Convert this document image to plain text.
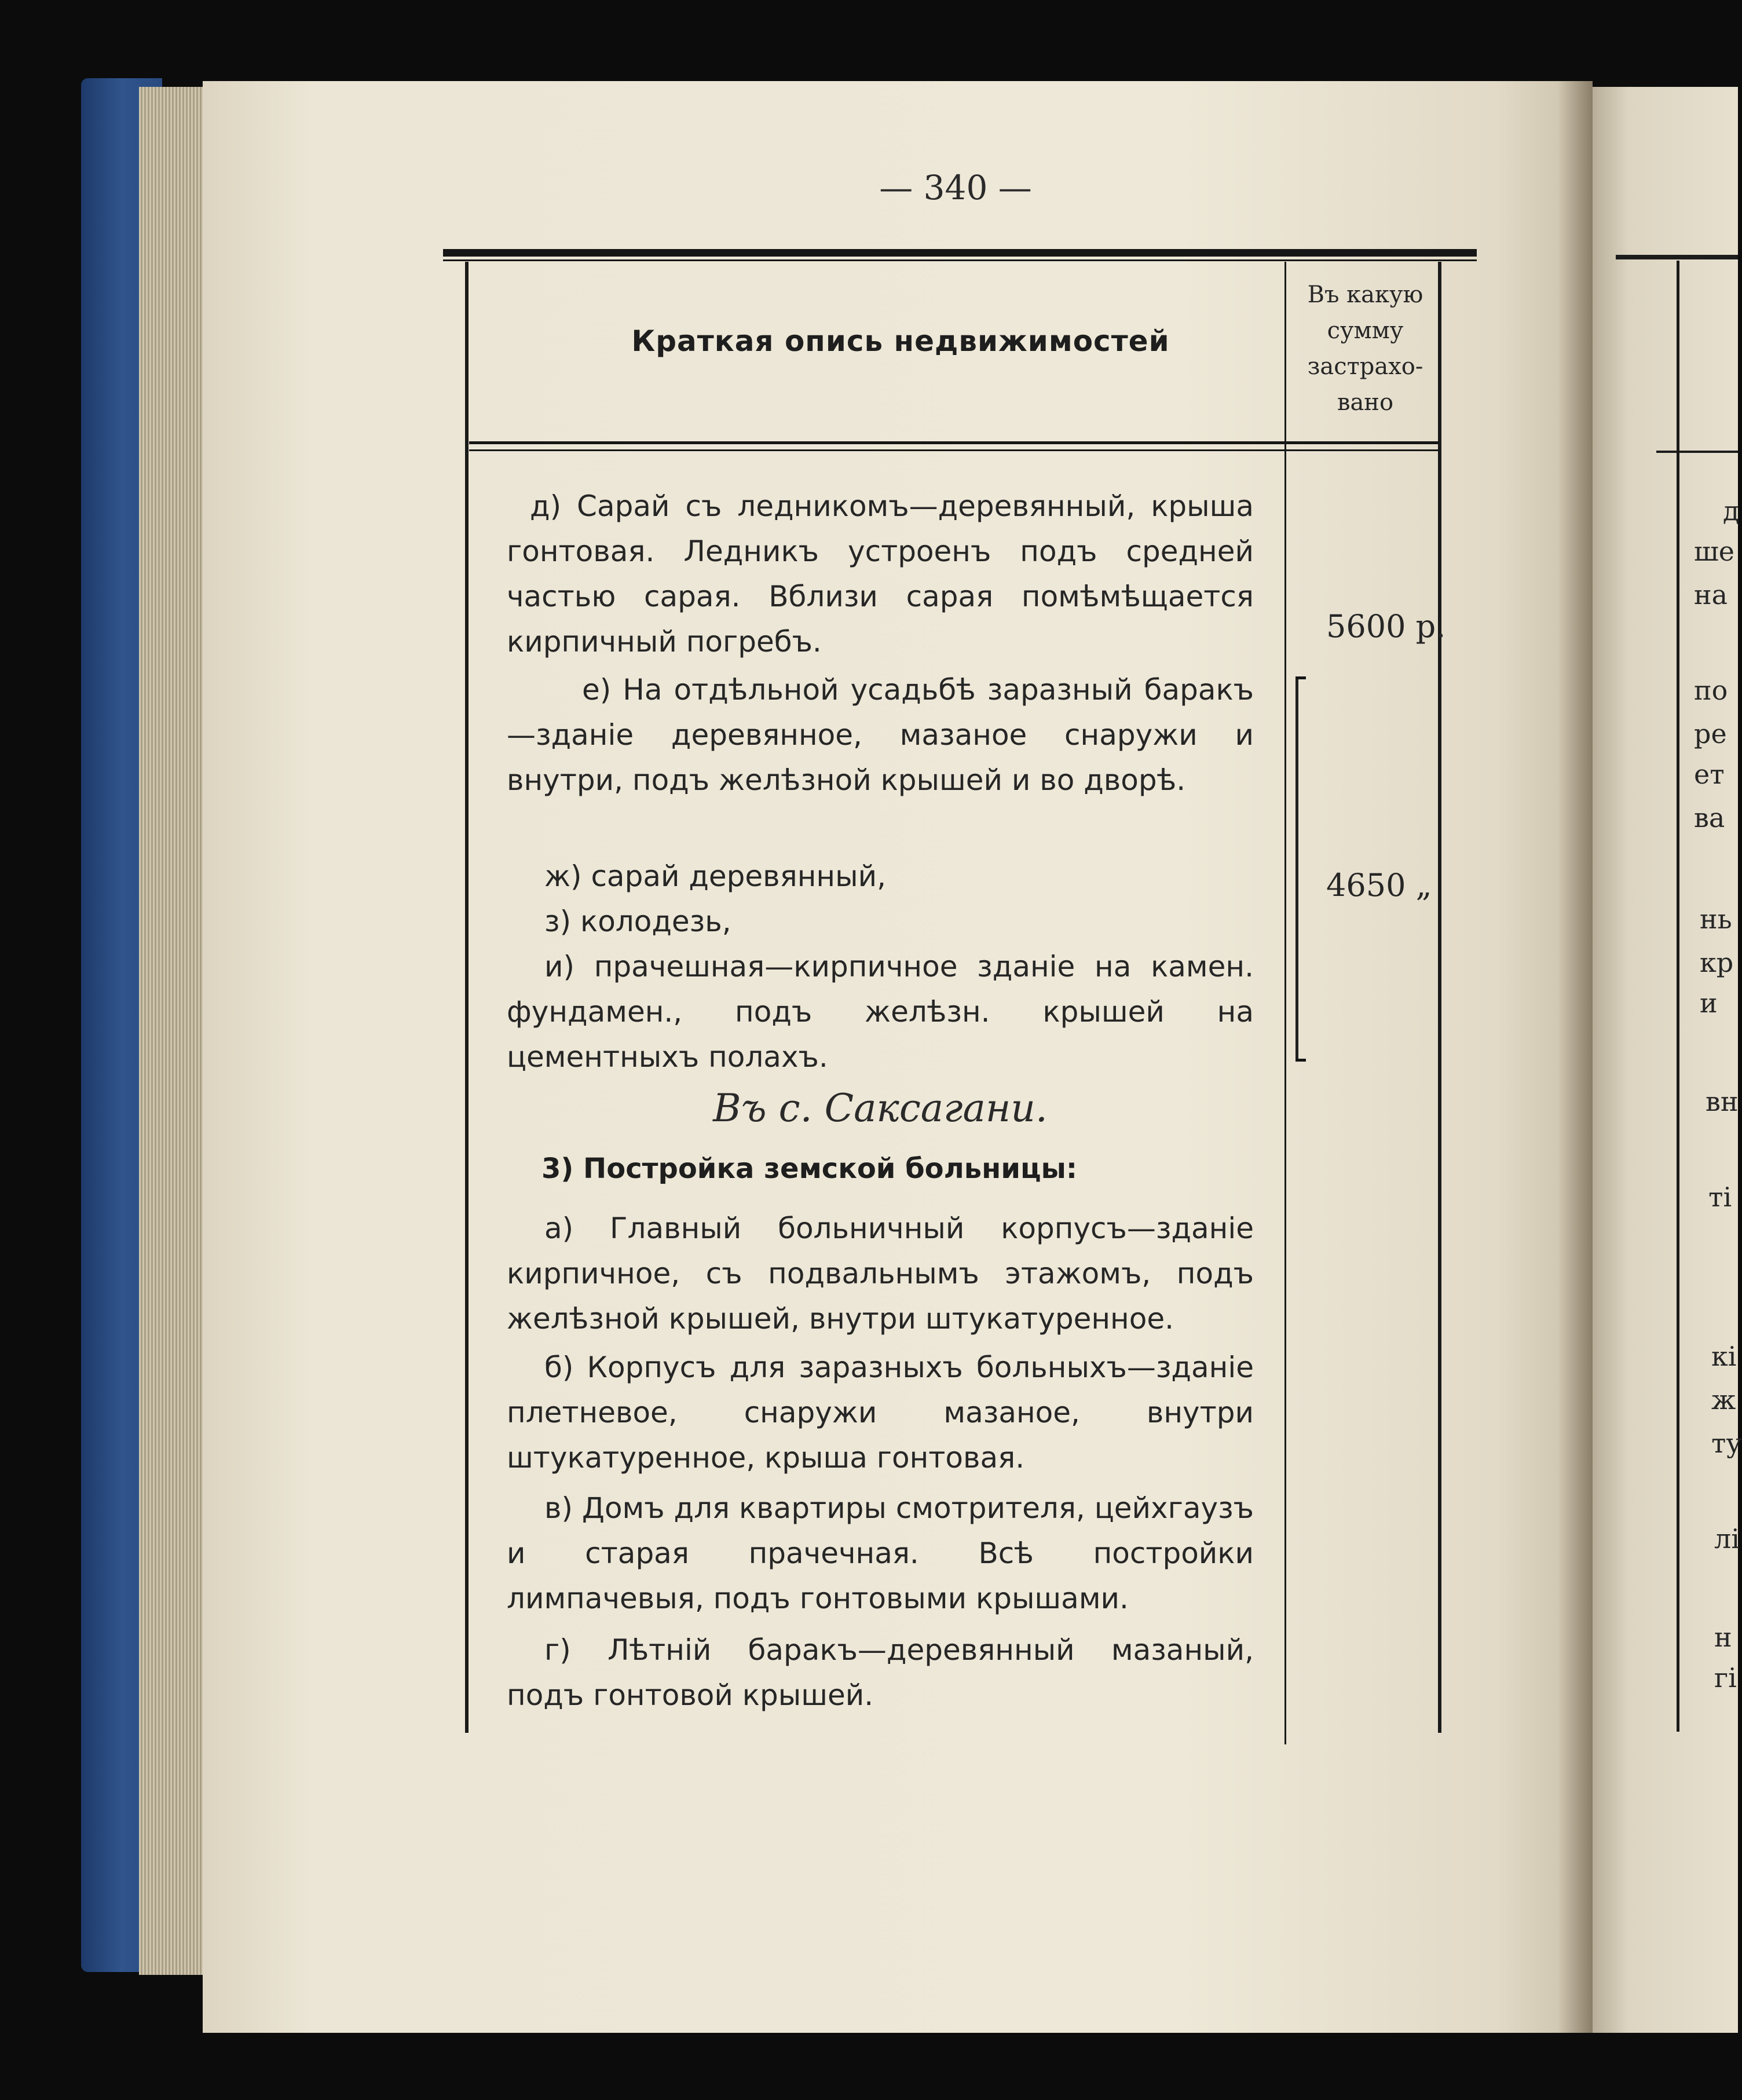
— 340 —
Краткая опись недвижимостей
Въ какую сумму застрахо-вано
д) Сарай съ ледникомъ—деревянный, крыша гонтовая. Ледникъ устроенъ подъ средней частью сарая. Вблизи сарая помѣмѣщается кирпичный погребъ.
е) На отдѣльной усадьбѣ заразный баракъ—зданіе деревянное, мазаное снаружи и внутри, подъ желѣзной крышей и во дворѣ.
ж) сарай деревянный,
з) колодезь,
и) прачешная—кирпичное зданіе на камен. фундамен., подъ желѣзн. крышей на цементныхъ полахъ.
5600 р.
4650 „
Въ с. Саксагани.
3) Постройка земской больницы:
а) Главный больничный корпусъ—зданіе кирпичное, съ подвальнымъ этажомъ, подъ желѣзной крышей, внутри штукатуренное.
б) Корпусъ для заразныхъ больныхъ—зданіе плетневое, снаружи мазаное, внутри штукатуренное, крыша гонтовая.
в) Домъ для квартиры смотрителя, цейхгаузъ и старая прачечная. Всѣ постройки лимпачевыя, подъ гонтовыми крышами.
г) Лѣтній баракъ—деревянный мазаный, подъ гонтовой крышей.
д
ше
на
по
ре
ет
ва
нь
кр
и
вн
ті
кі
ж
ту
лі
н
гі
